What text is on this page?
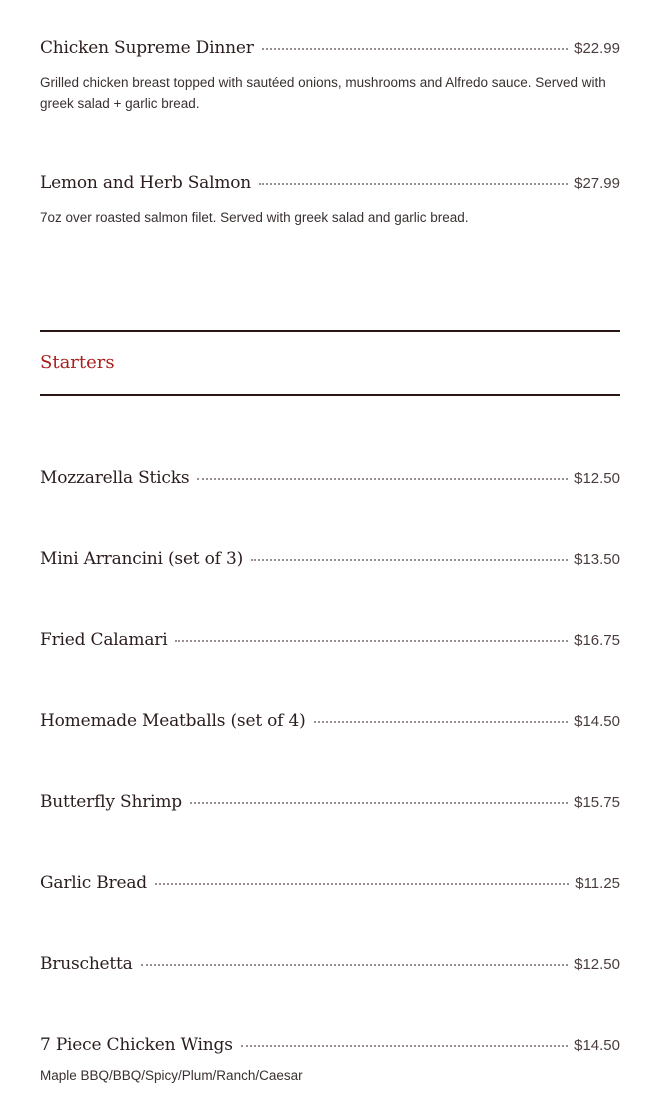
Chicken Supreme Dinner	$22.99
Grilled chicken breast topped with sautéed onions, mushrooms and Alfredo sauce. Served with greek salad + garlic bread.
Lemon and Herb Salmon	$27.99
7oz over roasted salmon filet. Served with greek salad and garlic bread.
Starters
Mozzarella Sticks	$12.50
Mini Arrancini (set of 3)	$13.50
Fried Calamari	$16.75
Homemade Meatballs (set of 4)	$14.50
Butterfly Shrimp	$15.75
Garlic Bread	$11.25
Bruschetta	$12.50
7 Piece Chicken Wings	$14.50
Maple BBQ/BBQ/Spicy/Plum/Ranch/Caesar
